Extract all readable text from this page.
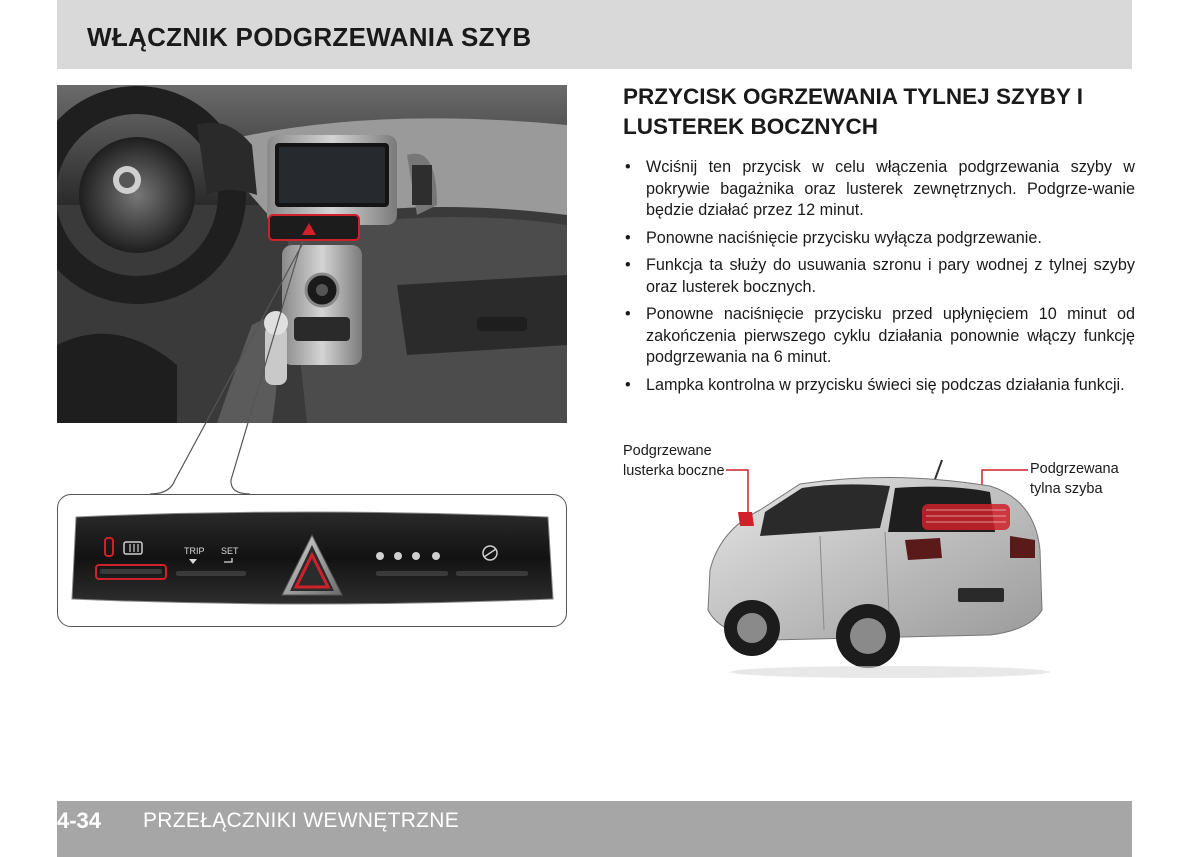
WŁĄCZNIK PODGRZEWANIA SZYB
TRIP SET
PRZYCISK OGRZEWANIA TYLNEJ SZYBY I LUSTEREK BOCZNYCH
• Wciśnij ten przycisk w celu włączenia podgrzewania szyby w pokrywie bagażnika oraz lusterek zewnętrznych. Podgrze-wanie będzie działać przez 12 minut.
• Ponowne naciśnięcie przycisku wyłącza podgrzewanie.
• Funkcja ta służy do usuwania szronu i pary wodnej z tylnej szyby oraz lusterek bocznych.
• Ponowne naciśnięcie przycisku przed upłynięciem 10 minut od zakończenia pierwszego cyklu działania ponownie włączy funkcję podgrzewania na 6 minut.
• Lampka kontrolna w przycisku świeci się podczas działania funkcji.
Podgrzewane lusterka boczne	Podgrzewana tylna szyba
4-34 PRZEŁĄCZNIKI WEWNĘTRZNE
